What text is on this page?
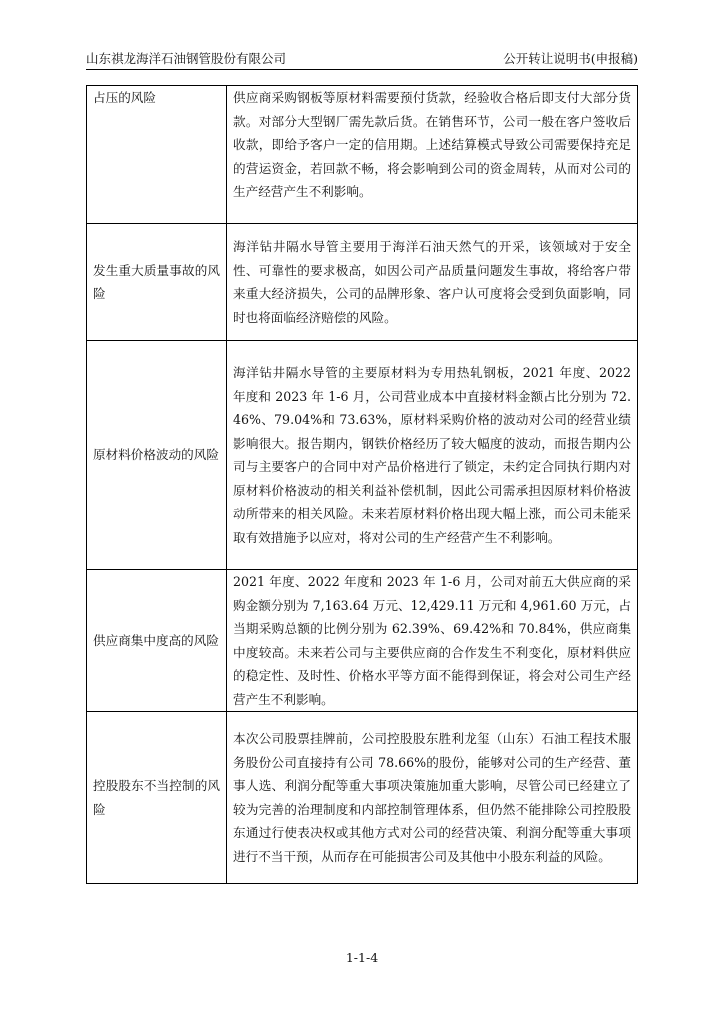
山东祺龙海洋石油钢管股份有限公司	公开转让说明书(申报稿)
占压的风险	供应商采购钢板等原材料需要预付货款，经验收合格后即支付大部分货款。对部分大型钢厂需先款后货。在销售环节，公司一般在客户签收后收款，即给予客户一定的信用期。上述结算模式导致公司需要保持充足的营运资金，若回款不畅，将会影响到公司的资金周转，从而对公司的生产经营产生不利影响。
发生重大质量事故的风险	海洋钻井隔水导管主要用于海洋石油天然气的开采，该领域对于安全性、可靠性的要求极高，如因公司产品质量问题发生事故，将给客户带来重大经济损失，公司的品牌形象、客户认可度将会受到负面影响，同时也将面临经济赔偿的风险。
原材料价格波动的风险	海洋钻井隔水导管的主要原材料为专用热轧钢板，2021 年度、2022 年度和 2023 年 1-6 月，公司营业成本中直接材料金额占比分别为 72.46%、79.04%和 73.63%，原材料采购价格的波动对公司的经营业绩影响很大。报告期内，钢铁价格经历了较大幅度的波动，而报告期内公司与主要客户的合同中对产品价格进行了锁定，未约定合同执行期内对原材料价格波动的相关利益补偿机制，因此公司需承担因原材料价格波动所带来的相关风险。未来若原材料价格出现大幅上涨，而公司未能采取有效措施予以应对，将对公司的生产经营产生不利影响。
供应商集中度高的风险	2021 年度、2022 年度和 2023 年 1-6 月，公司对前五大供应商的采购金额分别为 7,163.64 万元、12,429.11 万元和 4,961.60 万元，占当期采购总额的比例分别为 62.39%、69.42%和 70.84%，供应商集中度较高。未来若公司与主要供应商的合作发生不利变化，原材料供应的稳定性、及时性、价格水平等方面不能得到保证，将会对公司生产经营产生不利影响。
控股股东不当控制的风险	本次公司股票挂牌前，公司控股股东胜利龙玺（山东）石油工程技术服务股份公司直接持有公司 78.66%的股份，能够对公司的生产经营、董事人选、利润分配等重大事项决策施加重大影响，尽管公司已经建立了较为完善的治理制度和内部控制管理体系，但仍然不能排除公司控股股东通过行使表决权或其他方式对公司的经营决策、利润分配等重大事项进行不当干预，从而存在可能损害公司及其他中小股东利益的风险。
1-1-4
